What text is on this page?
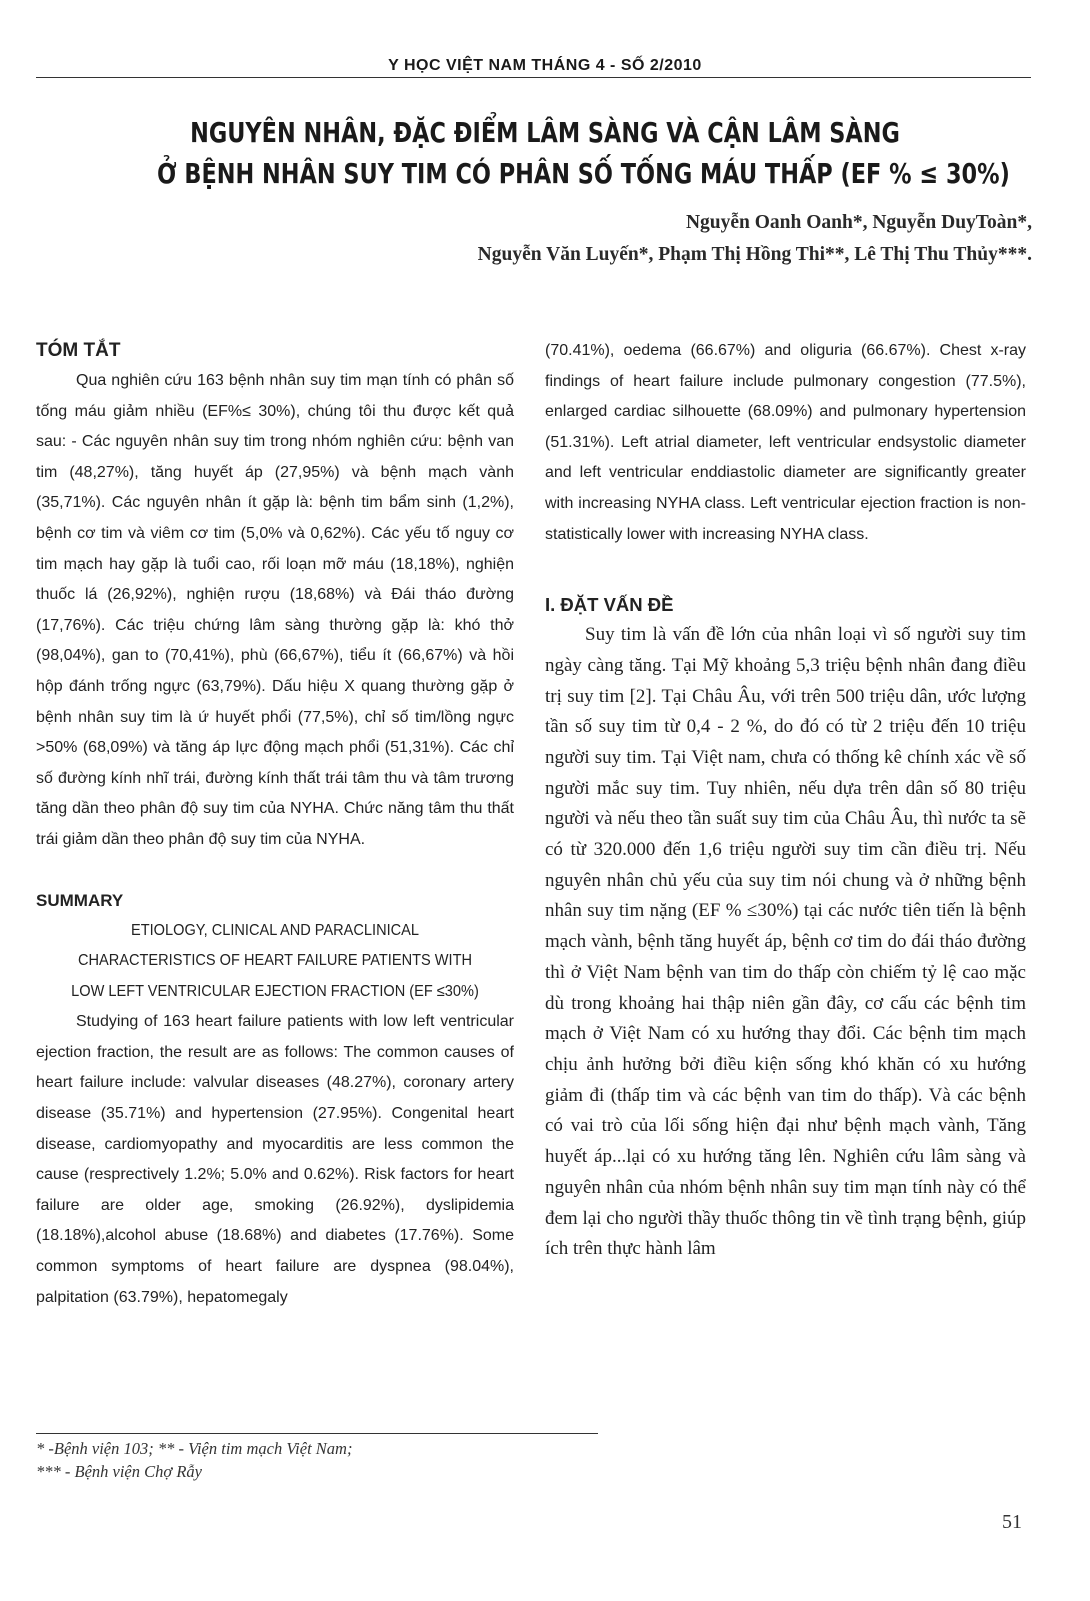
Y HỌC VIỆT NAM THÁNG 4 - SỐ 2/2010
NGUYÊN NHÂN, ĐẶC ĐIỂM LÂM SÀNG VÀ CẬN LÂM SÀNG
Ở BỆNH NHÂN SUY TIM CÓ PHÂN SỐ TỐNG MÁU THẤP (EF % ≤ 30%)
Nguyễn Oanh Oanh*, Nguyễn DuyToàn*,
Nguyễn Văn Luyến*, Phạm Thị Hồng Thi**, Lê Thị Thu Thủy***.
TÓM TẮT

Qua nghiên cứu 163 bệnh nhân suy tim mạn tính có phân số tống máu giảm nhiều (EF%≤ 30%), chúng tôi thu được kết quả sau: - Các nguyên nhân suy tim trong nhóm nghiên cứu: bệnh van tim (48,27%), tăng huyết áp (27,95%) và bệnh mạch vành (35,71%). Các nguyên nhân ít gặp là: bệnh tim bẩm sinh (1,2%), bệnh cơ tim và viêm cơ tim (5,0% và 0,62%). Các yếu tố nguy cơ tim mạch hay gặp là tuổi cao, rối loạn mỡ máu (18,18%), nghiện thuốc lá (26,92%), nghiện rượu (18,68%) và Đái tháo đường (17,76%). Các triệu chứng lâm sàng thường gặp là: khó thở (98,04%), gan to (70,41%), phù (66,67%), tiểu ít (66,67%) và hồi hộp đánh trống ngực (63,79%). Dấu hiệu X quang thường gặp ở bệnh nhân suy tim là ứ huyết phổi (77,5%), chỉ số tim/lồng ngực >50% (68,09%) và tăng áp lực động mạch phổi (51,31%). Các chỉ số đường kính nhĩ trái, đường kính thất trái tâm thu và tâm trương tăng dần theo phân độ suy tim của NYHA. Chức năng tâm thu thất trái giảm dần theo phân độ suy tim của NYHA.

SUMMARY
ETIOLOGY, CLINICAL AND PARACLINICAL
CHARACTERISTICS OF HEART FAILURE PATIENTS WITH
LOW LEFT VENTRICULAR EJECTION FRACTION (EF ≤30%)

Studying of 163 heart failure patients with low left ventricular ejection fraction, the result are as follows: The common causes of heart failure include: valvular diseases (48.27%), coronary artery disease (35.71%) and hypertension (27.95%). Congenital heart disease, cardiomyopathy and myocarditis are less common the cause (resprectively 1.2%; 5.0% and 0.62%). Risk factors for heart failure are older age, smoking (26.92%), dyslipidemia (18.18%),alcohol abuse (18.68%) and diabetes (17.76%). Some common symptoms of heart failure are dyspnea (98.04%), palpitation (63.79%), hepatomegaly

(70.41%), oedema (66.67%) and oliguria (66.67%). Chest x-ray findings of heart failure include pulmonary congestion (77.5%), enlarged cardiac silhouette (68.09%) and pulmonary hypertension (51.31%). Left atrial diameter, left ventricular endsystolic diameter and left ventricular enddiastolic diameter are significantly greater with increasing NYHA class. Left ventricular ejection fraction is non- statistically lower with increasing NYHA class.

I. ĐẶT VẤN ĐỀ

Suy tim là vấn đề lớn của nhân loại vì số người suy tim ngày càng tăng. Tại Mỹ khoảng 5,3 triệu bệnh nhân đang điều trị suy tim [2]. Tại Châu Âu, với trên 500 triệu dân, ước lượng tần số suy tim từ 0,4 - 2 %, do đó có từ 2 triệu đến 10 triệu người suy tim. Tại Việt nam, chưa có thống kê chính xác về số người mắc suy tim. Tuy nhiên, nếu dựa trên dân số 80 triệu người và nếu theo tần suất suy tim của Châu Âu, thì nước ta sẽ có từ 320.000 đến 1,6 triệu người suy tim cần điều trị. Nếu nguyên nhân chủ yếu của suy tim nói chung và ở những bệnh nhân suy tim nặng (EF % ≤30%) tại các nước tiên tiến là bệnh mạch vành, bệnh tăng huyết áp, bệnh cơ tim do đái tháo đường thì ở Việt Nam bệnh van tim do thấp còn chiếm tỷ lệ cao mặc dù trong khoảng hai thập niên gần đây, cơ cấu các bệnh tim mạch ở Việt Nam có xu hướng thay đổi. Các bệnh tim mạch chịu ảnh hưởng bởi điều kiện sống khó khăn có xu hướng giảm đi (thấp tim và các bệnh van tim do thấp). Và các bệnh có vai trò của lối sống hiện đại như bệnh mạch vành, Tăng huyết áp...lại có xu hướng tăng lên. Nghiên cứu lâm sàng và nguyên nhân của nhóm bệnh nhân suy tim mạn tính này có thể đem lại cho người thầy thuốc thông tin về tình trạng bệnh, giúp ích trên thực hành lâm

* -Bệnh viện 103; ** - Viện tim mạch Việt Nam;
*** - Bệnh viện Chợ Rẫy
51
